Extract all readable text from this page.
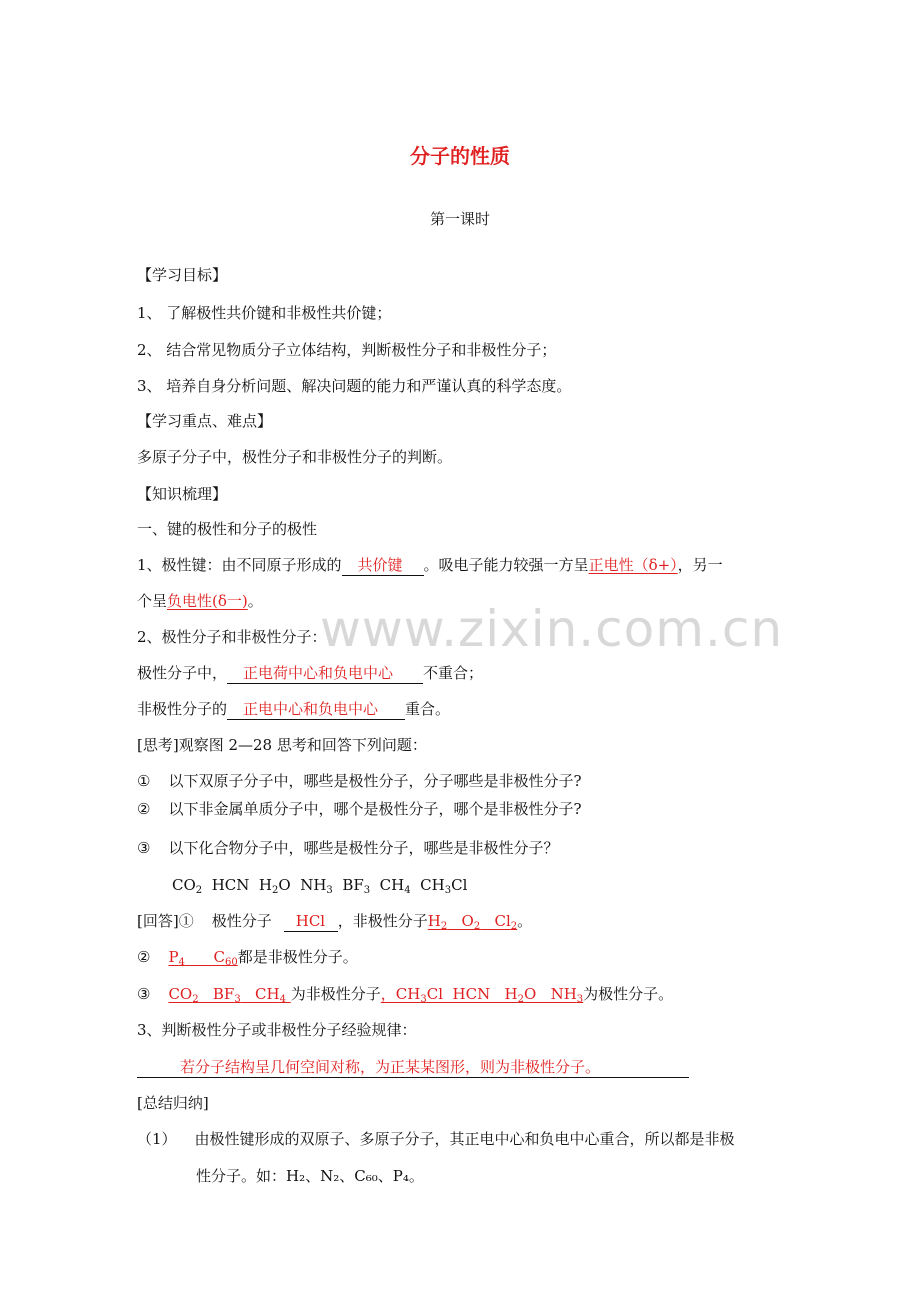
www.zixin.com.cn
分子的性质
第一课时
【学习目标】
1、 了解极性共价键和非极性共价键；
2、 结合常见物质分子立体结构，判断极性分子和非极性分子；
3、 培养自身分析问题、解决问题的能力和严谨认真的科学态度。
【学习重点、难点】
多原子分子中，极性分子和非极性分子的判断。
【知识梳理】
一、键的极性和分子的极性
1、极性键：由不同原子形成的 共价键 。吸电子能力较强一方呈正电性（δ+），另一
个呈负电性(δ一)。
2、极性分子和非极性分子：
极性分子中， 正电荷中心和负电中心 不重合；
非极性分子的 正电中心和负电中心 重合。
[思考]观察图 2—28 思考和回答下列问题：
① 以下双原子分子中，哪些是极性分子，分子哪些是非极性分子?
② 以下非金属单质分子中，哪个是极性分子，哪个是非极性分子?
③ 以下化合物分子中，哪些是极性分子，哪些是非极性分子？
$CO_2$  HCN  $H_2O$  $NH_3$  $BF_3$  $CH_4$  $CH_3Cl$
[回答]① 极性分子 HCl ，非极性分子$H_2$   $O_2$   $Cl_2$。
② $P_4$      $C_{60}$都是非极性分子。
③ $CO_2$   $BF_3$   $CH_4$ 为非极性分子，$CH_3Cl$  HCN   $H_2O$   $NH_3$为极性分子。
3、判断极性分子或非极性分子经验规律：
若分子结构呈几何空间对称，为正某某图形，则为非极性分子。
[总结归纳]
（1） 由极性键形成的双原子、多原子分子，其正电中心和负电中心重合，所以都是非极
性分子。如：H₂、N₂、C₆₀、P₄。
